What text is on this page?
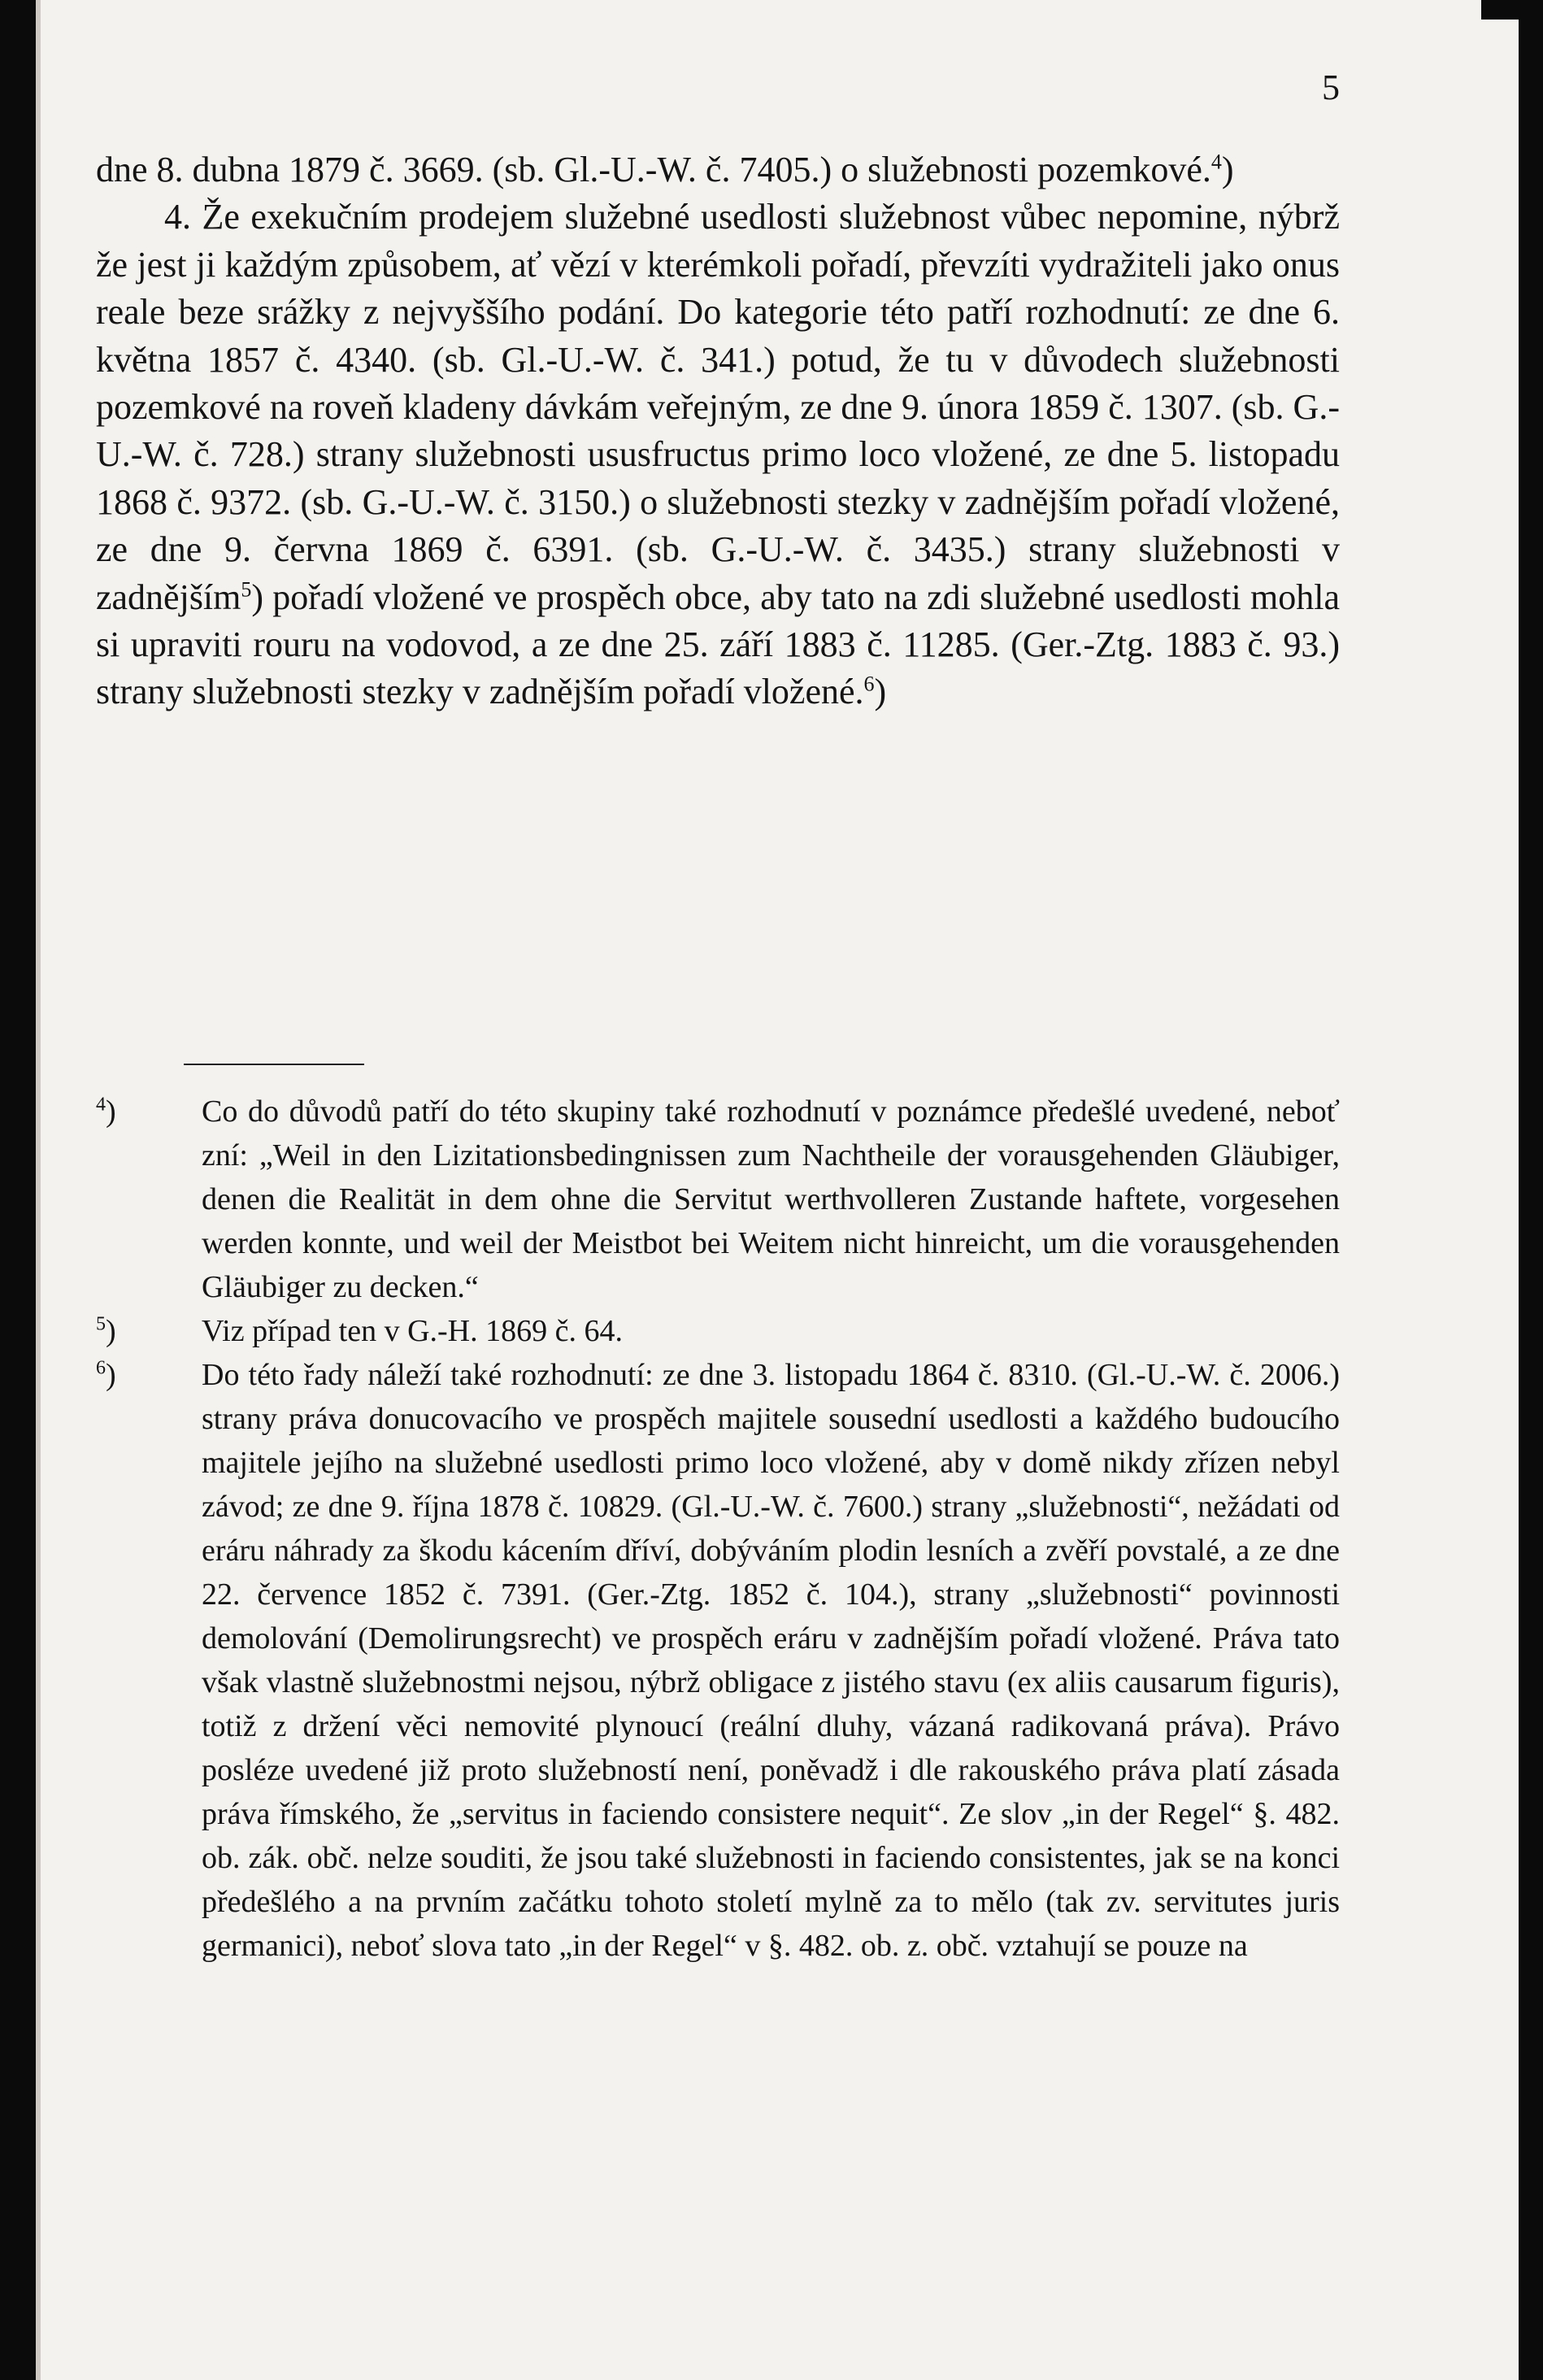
5

dne 8. dubna 1879 č. 3669. (sb. Gl.-U.-W. č. 7405.) o služebnosti pozemkové.$^4$)

4. Že exekučním prodejem služebné usedlosti služebnost vůbec nepomine, nýbrž že jest ji každým způsobem, ať vězí v kterémkoli pořadí, převzíti vydražiteli jako onus reale beze srážky z nejvyššího podání. Do kategorie této patří rozhodnutí: ze dne 6. května 1857 č. 4340. (sb. Gl.-U.-W. č. 341.) potud, že tu v důvodech služebnosti pozemkové na roveň kladeny dávkám veřejným, ze dne 9. února 1859 č. 1307. (sb. G.-U.-W. č. 728.) strany služebnosti ususfructus primo loco vložené, ze dne 5. listopadu 1868 č. 9372. (sb. G.-U.-W. č. 3150.) o služebnosti stezky v zadnějším pořadí vložené, ze dne 9. června 1869 č. 6391. (sb. G.-U.-W. č. 3435.) strany služebnosti v zadnějším$^5$) pořadí vložené ve prospěch obce, aby tato na zdi služebné usedlosti mohla si upraviti rouru na vodovod, a ze dne 25. září 1883 č. 11285. (Ger.-Ztg. 1883 č. 93.) strany služebnosti stezky v zadnějším pořadí vložené.$^6$)

$^4$)	Co do důvodů patří do této skupiny také rozhodnutí v poznámce předešlé uvedené, neboť zní: „Weil in den Lizitationsbedingnissen zum Nachtheile der vorausgehenden Gläubiger, denen die Realität in dem ohne die Servitut werthvolleren Zustande haftete, vorgesehen werden konnte, und weil der Meistbot bei Weitem nicht hinreicht, um die vorausgehenden Gläubiger zu decken.“

$^5$)	Viz případ ten v G.-H. 1869 č. 64.

$^6$)	Do této řady náleží také rozhodnutí: ze dne 3. listopadu 1864 č. 8310. (Gl.-U.-W. č. 2006.) strany práva donucovacího ve prospěch majitele sousední usedlosti a každého budoucího majitele jejího na služebné usedlosti primo loco vložené, aby v domě nikdy zřízen nebyl závod; ze dne 9. října 1878 č. 10829. (Gl.-U.-W. č. 7600.) strany „služebnosti“, nežádati od eráru náhrady za škodu kácením dříví, dobýváním plodin lesních a zvěří povstalé, a ze dne 22. července 1852 č. 7391. (Ger.-Ztg. 1852 č. 104.), strany „služebnosti“ povinnosti demolování (Demolirungsrecht) ve prospěch eráru v zadnějším pořadí vložené. Práva tato však vlastně služebnostmi nejsou, nýbrž obligace z jistého stavu (ex aliis causarum figuris), totiž z držení věci nemovité plynoucí (reální dluhy, vázaná radikovaná práva). Právo posléze uvedené již proto služebností není, poněvadž i dle rakouského práva platí zásada práva římského, že „servitus in faciendo consistere nequit“. Ze slov „in der Regel“ §. 482. ob. zák. obč. nelze souditi, že jsou také služebnosti in faciendo consistentes, jak se na konci předešlého a na prvním začátku tohoto století mylně za to mělo (tak zv. servitutes juris germanici), neboť slova tato „in der Regel“ v §. 482. ob. z. obč. vztahují se pouze na
